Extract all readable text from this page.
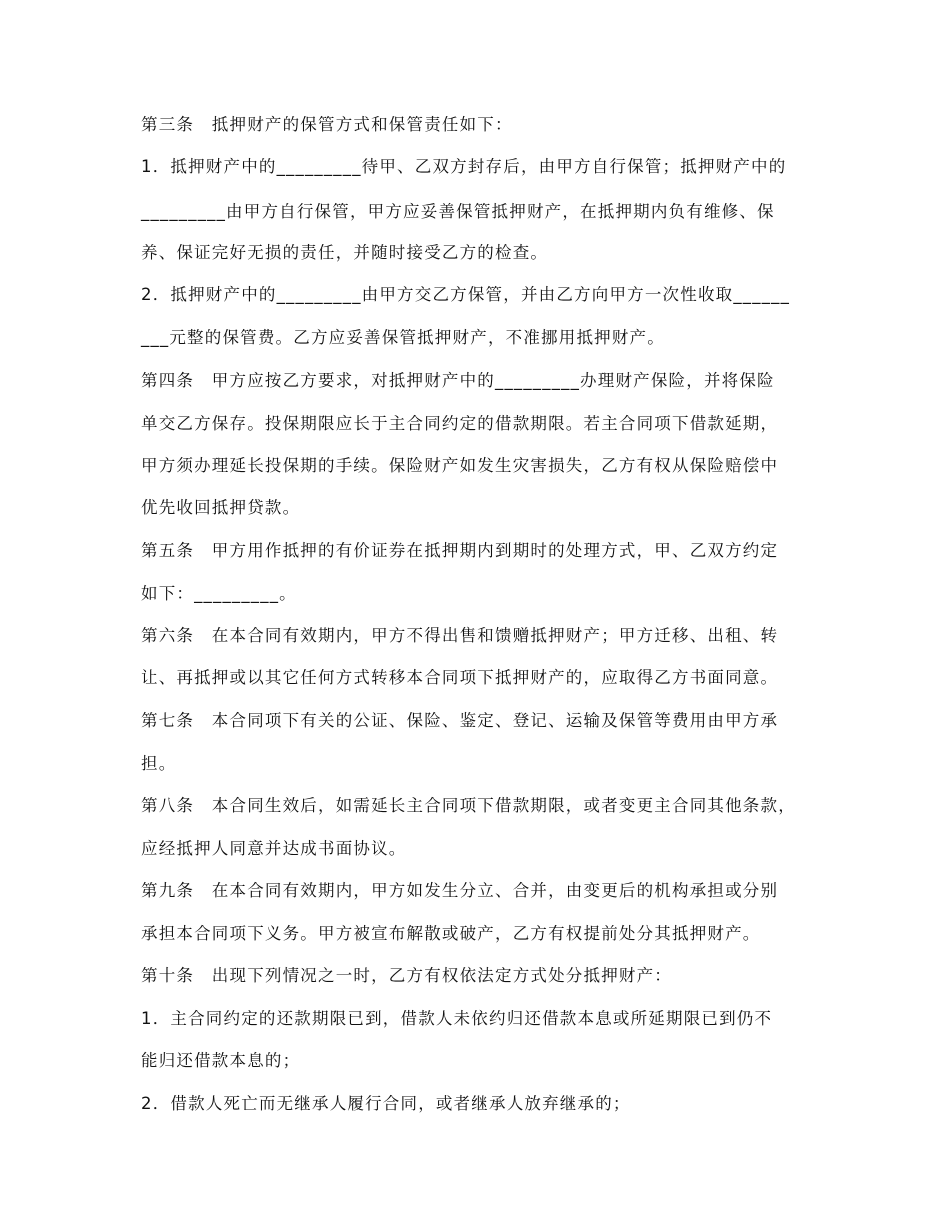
第三条　抵押财产的保管方式和保管责任如下：
1．抵押财产中的_________待甲、乙双方封存后，由甲方自行保管；抵押财产中的
_________由甲方自行保管，甲方应妥善保管抵押财产，在抵押期内负有维修、保
养、保证完好无损的责任，并随时接受乙方的检查。
2．抵押财产中的_________由甲方交乙方保管，并由乙方向甲方一次性收取______
___元整的保管费。乙方应妥善保管抵押财产，不准挪用抵押财产。
第四条　甲方应按乙方要求，对抵押财产中的_________办理财产保险，并将保险
单交乙方保存。投保期限应长于主合同约定的借款期限。若主合同项下借款延期，
甲方须办理延长投保期的手续。保险财产如发生灾害损失，乙方有权从保险赔偿中
优先收回抵押贷款。
第五条　甲方用作抵押的有价证券在抵押期内到期时的处理方式，甲、乙双方约定
如下：_________。
第六条　在本合同有效期内，甲方不得出售和馈赠抵押财产；甲方迁移、出租、转
让、再抵押或以其它任何方式转移本合同项下抵押财产的，应取得乙方书面同意。
第七条　本合同项下有关的公证、保险、鉴定、登记、运输及保管等费用由甲方承
担。
第八条　本合同生效后，如需延长主合同项下借款期限，或者变更主合同其他条款，
应经抵押人同意并达成书面协议。
第九条　在本合同有效期内，甲方如发生分立、合并，由变更后的机构承担或分别
承担本合同项下义务。甲方被宣布解散或破产，乙方有权提前处分其抵押财产。
第十条　出现下列情况之一时，乙方有权依法定方式处分抵押财产：
1．主合同约定的还款期限已到，借款人未依约归还借款本息或所延期限已到仍不
能归还借款本息的；
2．借款人死亡而无继承人履行合同，或者继承人放弃继承的；
